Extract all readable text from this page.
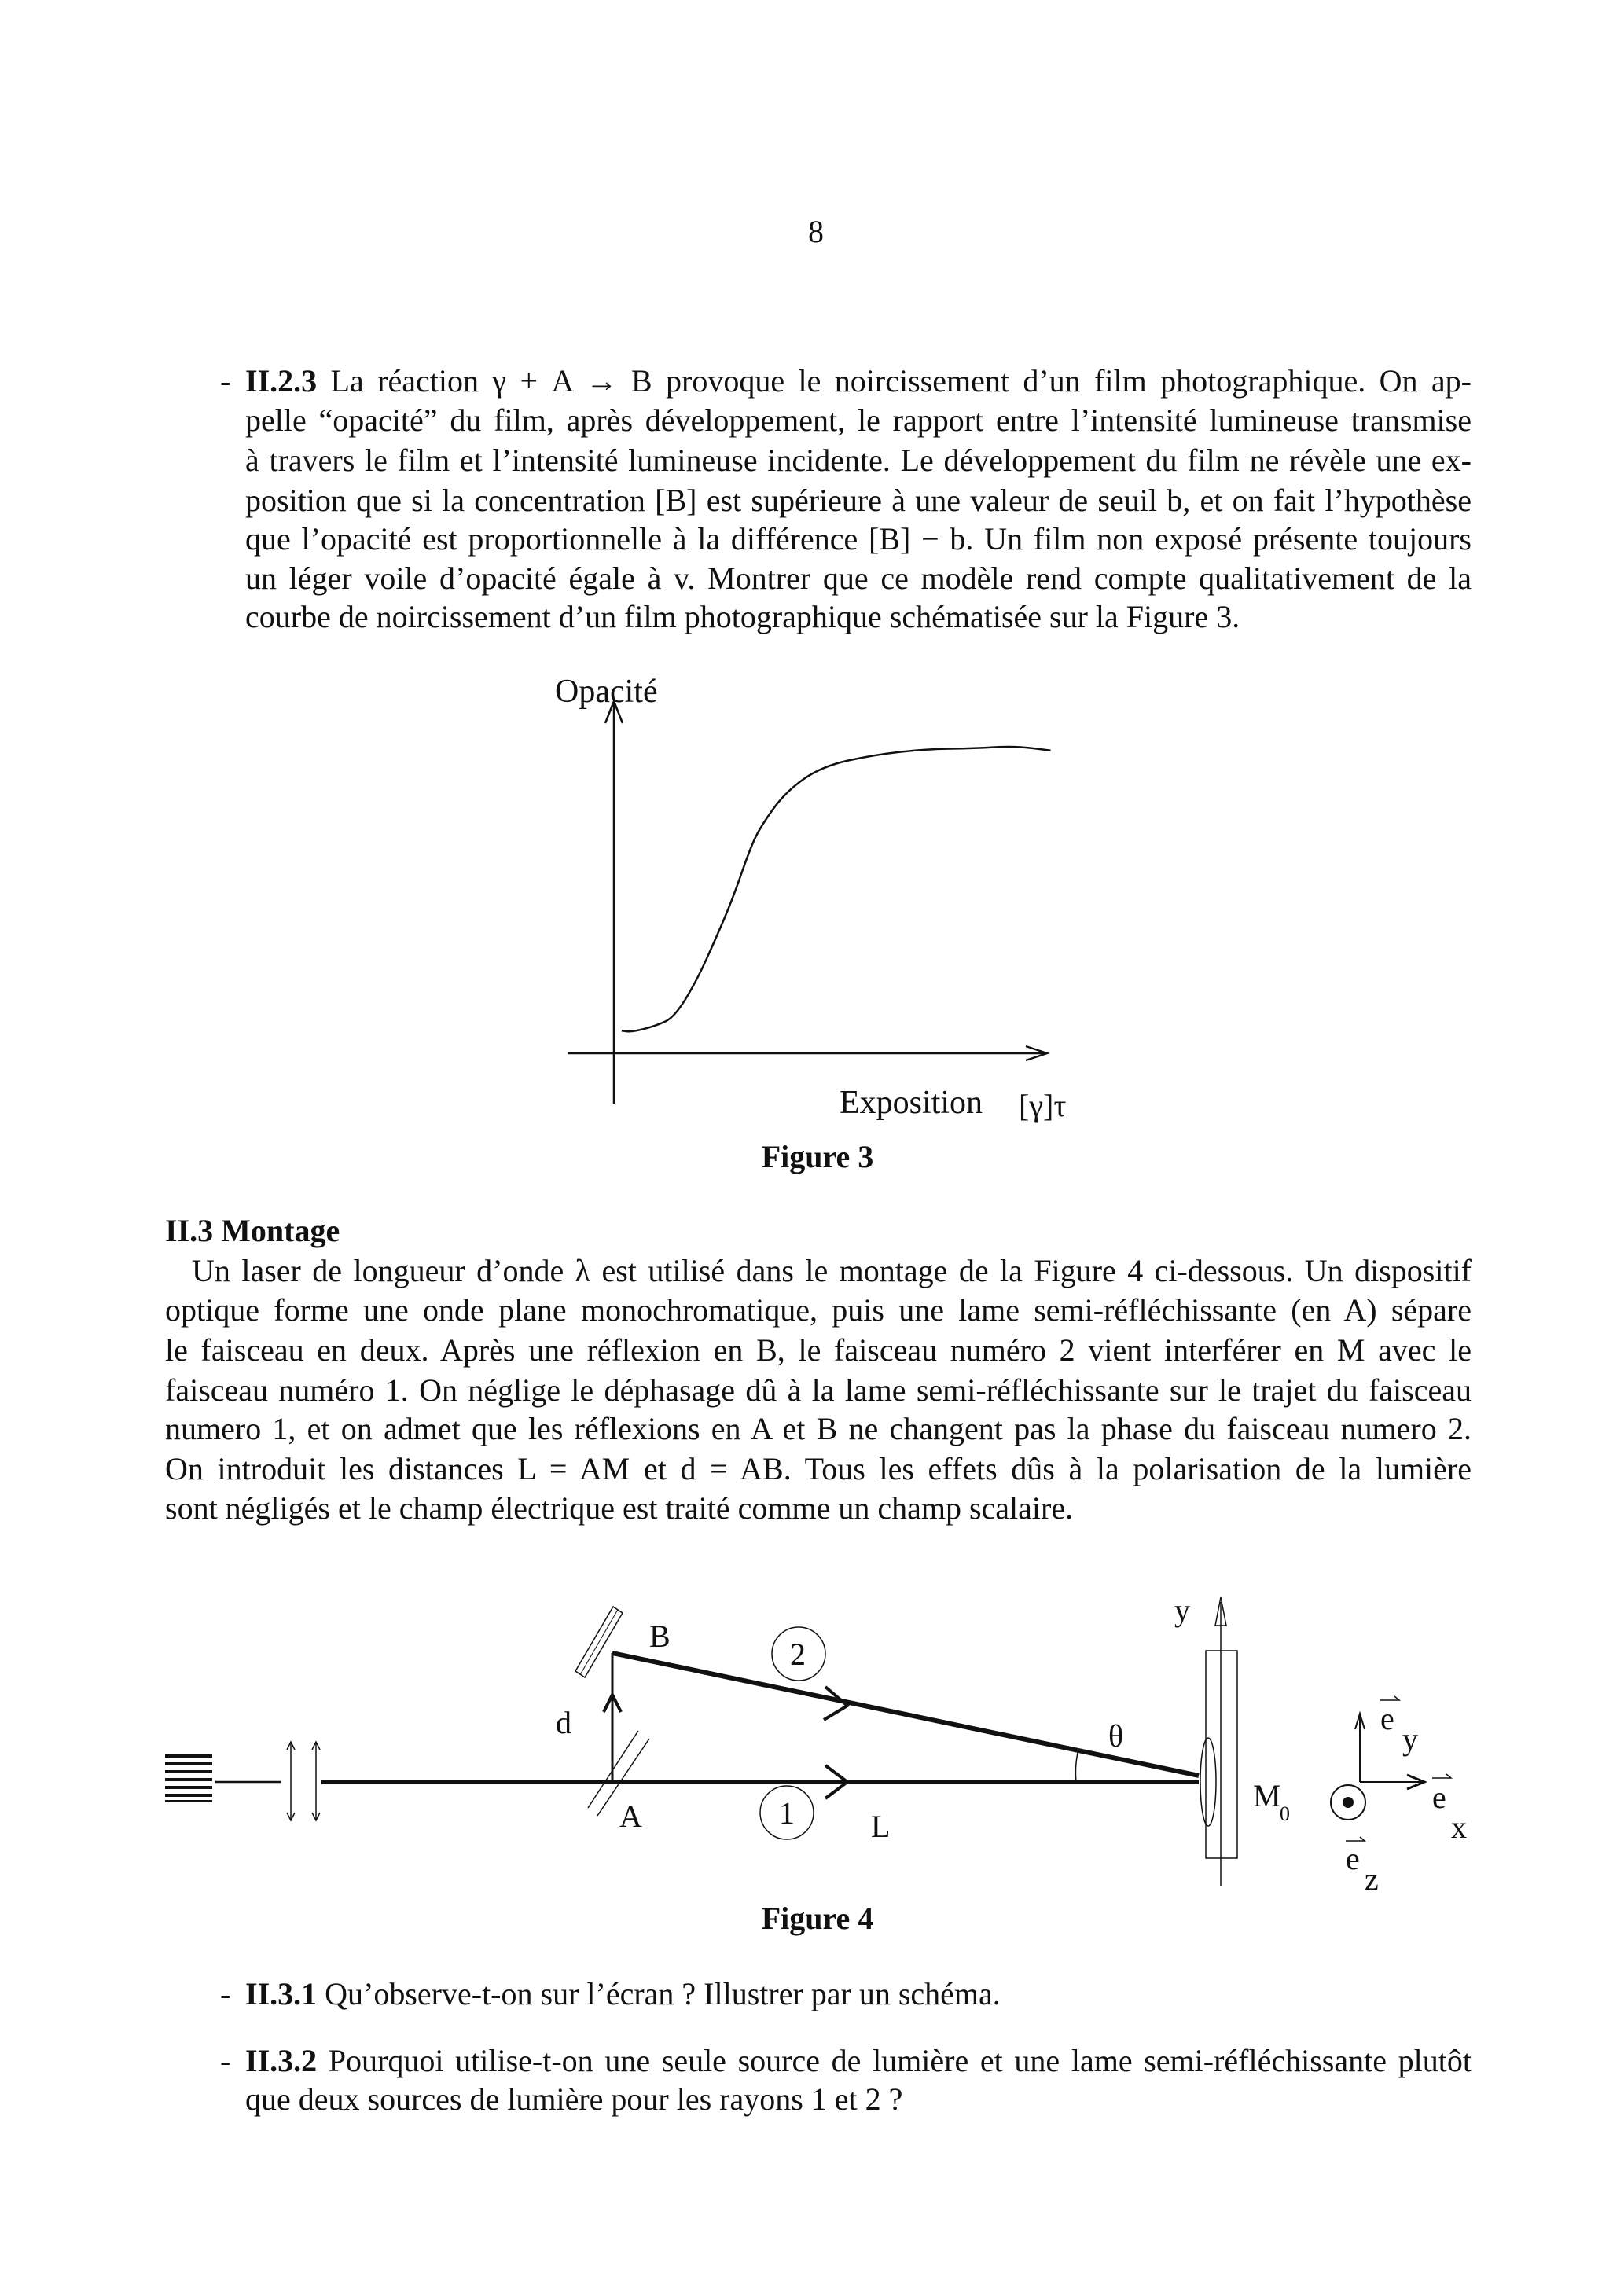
8
- II.2.3 La réaction γ + A → B provoque le noircissement d’un film photographique. On ap-
pelle “opacité” du film, après développement, le rapport entre l’intensité lumineuse transmise
à travers le film et l’intensité lumineuse incidente. Le développement du film ne révèle une ex-
position que si la concentration [B] est supérieure à une valeur de seuil b, et on fait l’hypothèse
que l’opacité est proportionnelle à la différence [B] − b. Un film non exposé présente toujours
un léger voile d’opacité égale à v. Montrer que ce modèle rend compte qualitativement de la
courbe de noircissement d’un film photographique schématisée sur la Figure 3.
Opacité
Exposition [γ]τ
Figure 3
II.3 Montage
Un laser de longueur d’onde λ est utilisé dans le montage de la Figure 4 ci-dessous. Un dispositif
optique forme une onde plane monochromatique, puis une lame semi-réfléchissante (en A) sépare
le faisceau en deux. Après une réflexion en B, le faisceau numéro 2 vient interférer en M avec le
faisceau numéro 1. On néglige le déphasage dû à la lame semi-réfléchissante sur le trajet du faisceau
numero 1, et on admet que les réflexions en A et B ne changent pas la phase du faisceau numero 2.
On introduit les distances L = AM et d = AB. Tous les effets dûs à la polarisation de la lumière
sont négligés et le champ électrique est traité comme un champ scalaire.
B
d
A	L
θ
2
1	M
0
y
e
y
e
x
e
z
Figure 4
- II.3.1 Qu’observe-t-on sur l’écran ? Illustrer par un schéma.
- II.3.2 Pourquoi utilise-t-on une seule source de lumière et une lame semi-réfléchissante plutôt
que deux sources de lumière pour les rayons 1 et 2 ?
